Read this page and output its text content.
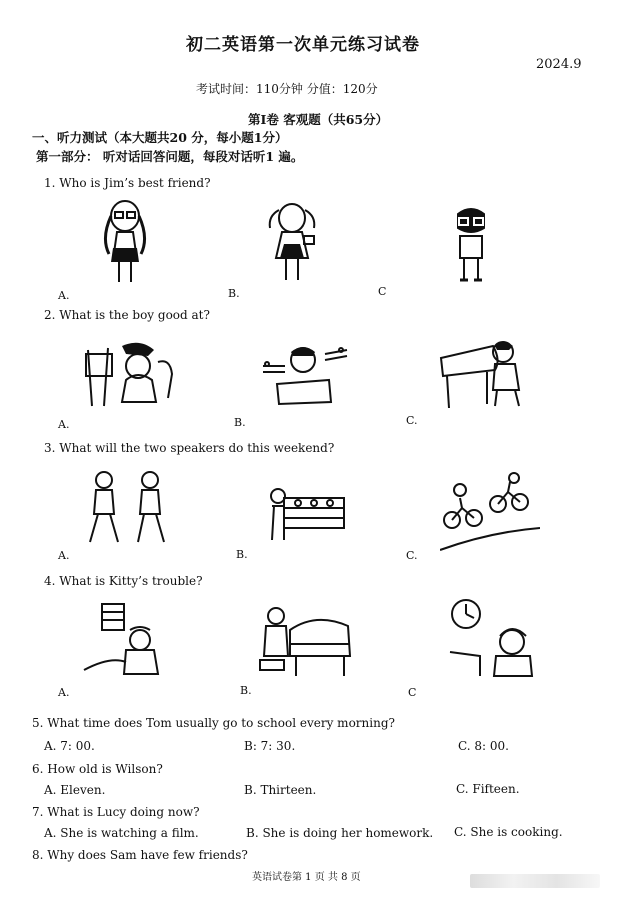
初二英语第一次单元练习试卷
2024.9
考试时间：110分钟 分值：120分
第I卷 客观题（共65分）
一、听力测试（本大题共20 分，每小题1分）
第一部分： 听对话回答问题，每段对话听1 遍。
1. Who is Jim’s best friend?
A.	B.	C
2. What is the boy good at?
A.	B.	C.
3. What will the two speakers do this weekend?
A.	B.	C.
4. What is Kitty’s trouble?
A.	B.	C
5. What time does Tom usually go to school every morning?
A. 7: 00.	B: 7: 30.	C. 8: 00.
6. How old is Wilson?
A. Eleven.	B. Thirteen.	C. Fifteen.
7. What is Lucy doing now?
A. She is watching a film.	B. She is doing her homework. C. She is cooking.
8. Why does Sam have few friends?
英语试卷第 1 页 共 8 页
